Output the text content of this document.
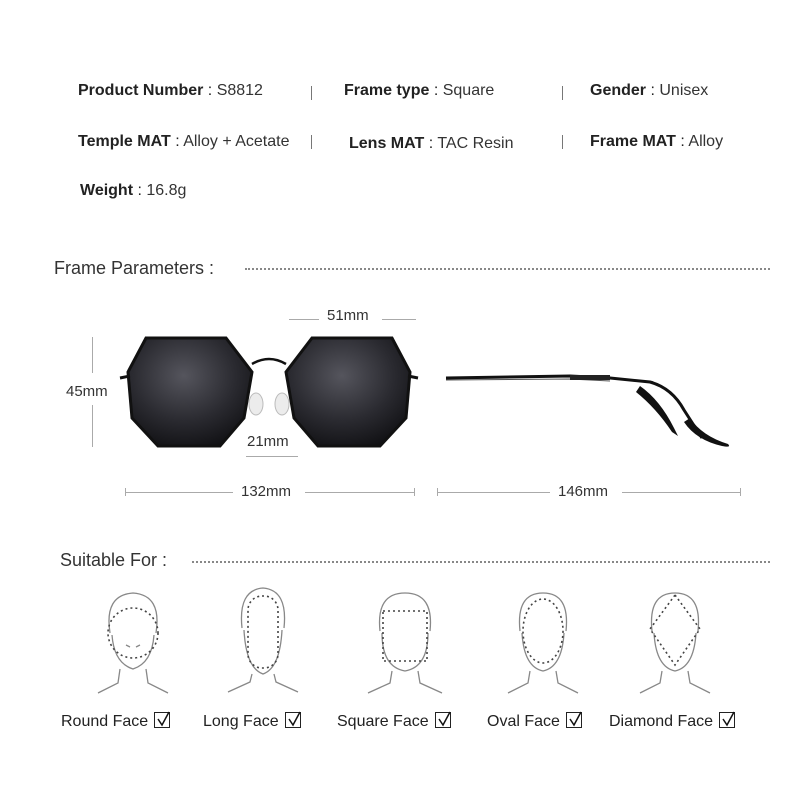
Product Number : S8812	Frame type : Square	Gender : Unisex
Temple MAT : Alloy + Acetate	Lens MAT : TAC Resin	Frame MAT : Alloy
Weight : 16.8g
Frame Parameters :
51mm
45mm
21mm
132mm	146mm
Suitable For :
Round Face	Long Face	Square Face	Oval Face	Diamond Face
